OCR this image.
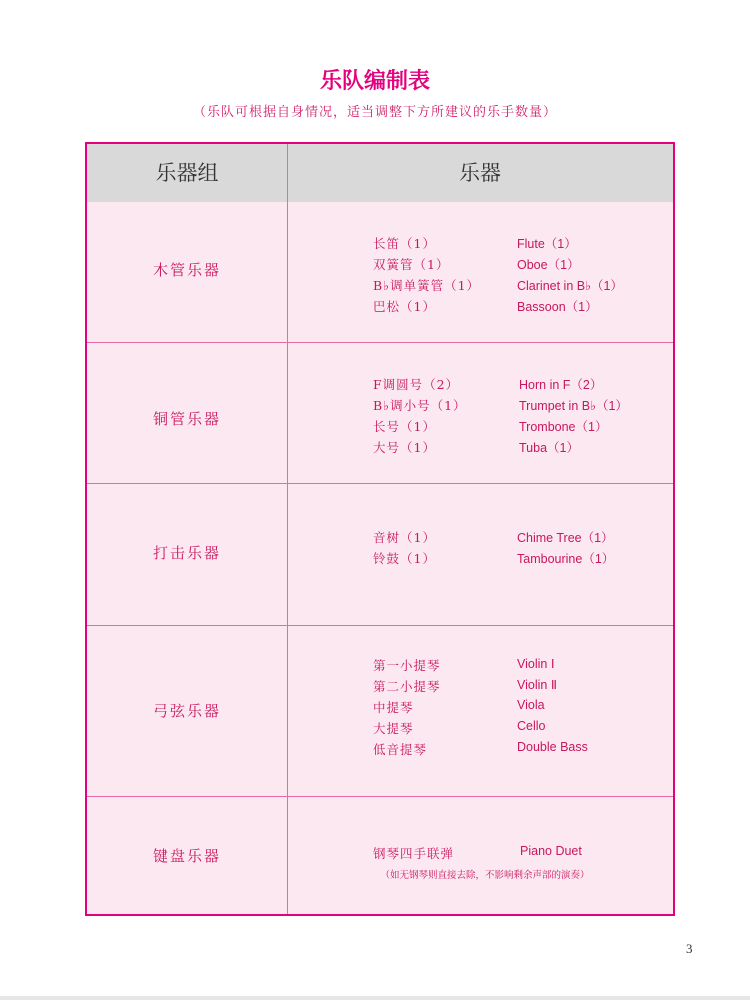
乐队编制表
（乐队可根据自身情况，适当调整下方所建议的乐手数量）
乐器组	乐器
木管乐器
长笛（1）	Flute（1）
双簧管（1）	Oboe（1）
B♭调单簧管（1）	Clarinet in B♭（1）
巴松（1）	Bassoon（1）
铜管乐器
F调圆号（2）	Horn in F（2）
B♭调小号（1）	Trumpet in B♭（1）
长号（1）	Trombone（1）
大号（1）	Tuba（1）
打击乐器
音树（1）	Chime Tree（1）
铃鼓（1）	Tambourine（1）
弓弦乐器
第一小提琴	Violin Ⅰ
第二小提琴	Violin Ⅱ
中提琴	Viola
大提琴	Cello
低音提琴	Double Bass
键盘乐器	钢琴四手联弹	Piano Duet
（如无钢琴则直接去除，不影响剩余声部的演奏）
3
